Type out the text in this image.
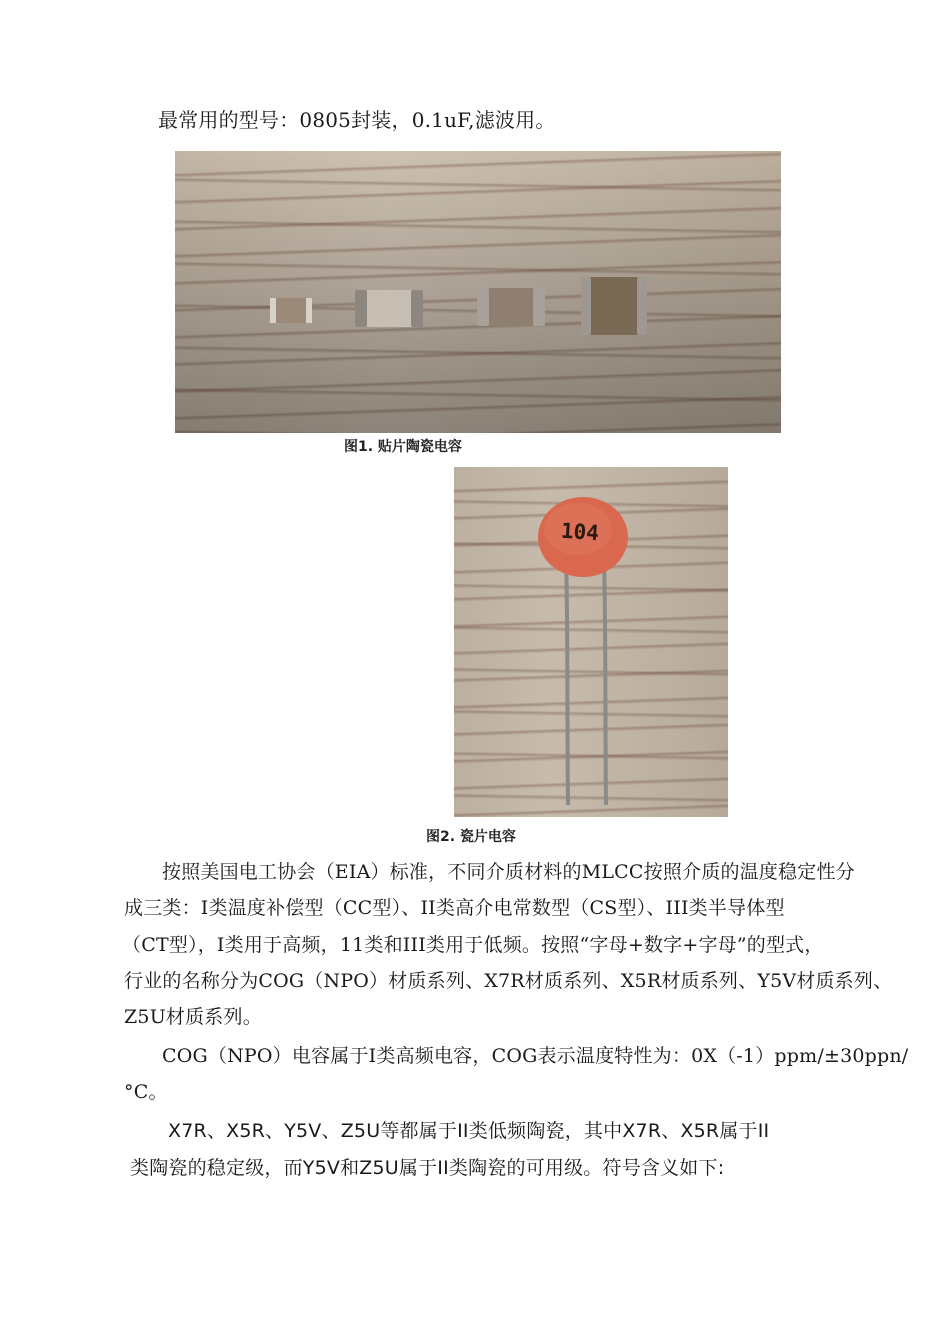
最常用的型号：0805封装，0.1uF,滤波用。
图1. 贴片陶瓷电容
104
图2. 瓷片电容
按照美国电工协会（EIA）标准，不同介质材料的MLCC按照介质的温度稳定性分
成三类：I类温度补偿型（CC型）、II类高介电常数型（CS型）、III类半导体型
（CT型），I类用于高频，11类和III类用于低频。按照“字母+数字+字母”的型式，
行业的名称分为COG（NPO）材质系列、X7R材质系列、X5R材质系列、Y5V材质系列、
Z5U材质系列。
COG（NPO）电容属于I类高频电容，COG表示温度特性为：0X（-1）ppm/±30ppn/
°C。
X7R、X5R、Y5V、Z5U等都属于II类低频陶瓷，其中X7R、X5R属于II
类陶瓷的稳定级，而Y5V和Z5U属于II类陶瓷的可用级。符号含义如下:
